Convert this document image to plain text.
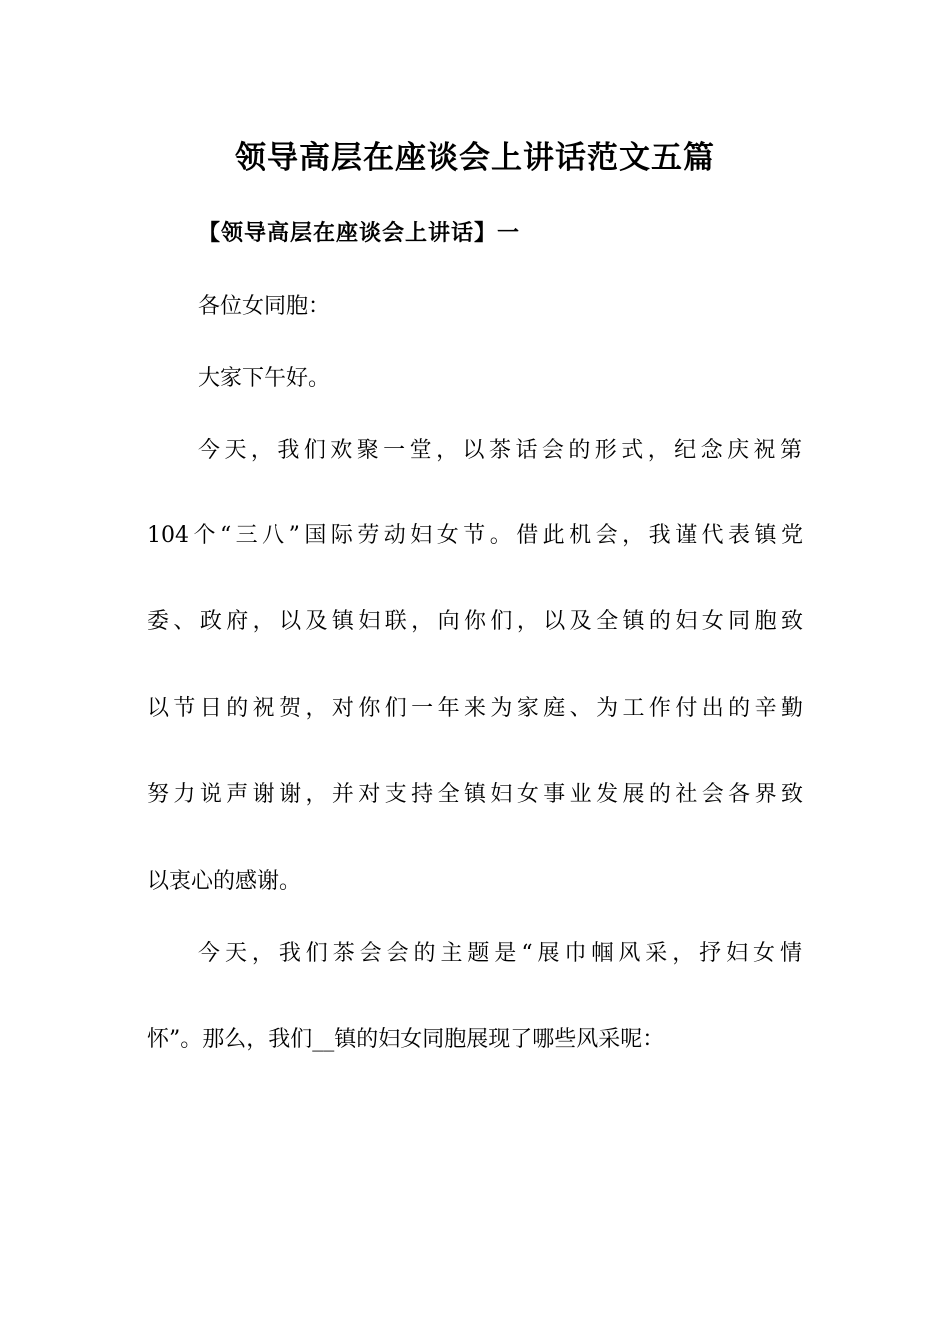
领导高层在座谈会上讲话范文五篇
【领导高层在座谈会上讲话】一
各位女同胞：
大家下午好。
今天，我们欢聚一堂，以茶话会的形式，纪念庆祝第
104个“三八”国际劳动妇女节。借此机会，我谨代表镇党
委、政府，以及镇妇联，向你们，以及全镇的妇女同胞致
以节日的祝贺，对你们一年来为家庭、为工作付出的辛勤
努力说声谢谢，并对支持全镇妇女事业发展的社会各界致
以衷心的感谢。
今天，我们茶会会的主题是“展巾帼风采，抒妇女情
怀”。那么，我们__镇的妇女同胞展现了哪些风采呢：
